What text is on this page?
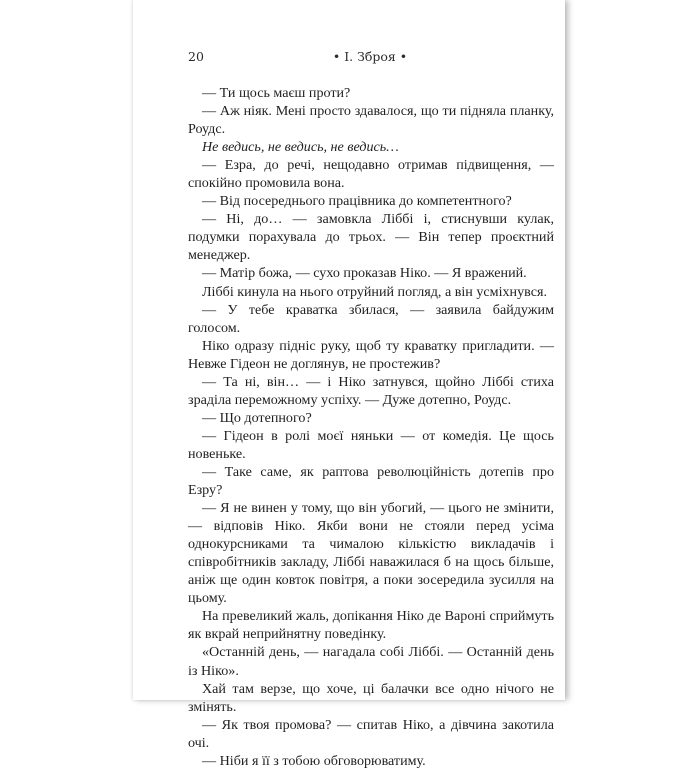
20	• І. Зброя •

— Ти щось маєш проти?

— Аж ніяк. Мені просто здавалося, що ти підняла планку, Роудс.

Не ведись, не ведись, не ведись…

— Езра, до речі, нещодавно отримав підвищення, — спокійно промовила вона.

— Від посереднього працівника до компетентного?

— Ні, до… — замовкла Ліббі і, стиснувши кулак, подумки порахувала до трьох. — Він тепер проєктний менеджер.

— Матір божа, — сухо проказав Ніко. — Я вражений.

Ліббі кинула на нього отруйний погляд, а він усміхнувся.

— У тебе краватка збилася, — заявила байдужим голосом.

Ніко одразу підніс руку, щоб ту краватку пригладити. — Невже Гідеон не доглянув, не простежив?

— Та ні, він… — і Ніко затнувся, щойно Ліббі стиха зраділа переможному успіху. — Дуже дотепно, Роудс.

— Що дотепного?

— Гідеон в ролі моєї няньки — от комедія. Це щось новеньке.

— Таке саме, як раптова революційність дотепів про Езру?

— Я не винен у тому, що він убогий, — цього не змінити, — відповів Ніко. Якби вони не стояли перед усіма однокурсниками та чималою кількістю викладачів і співробітників закладу, Ліббі наважилася б на щось більше, аніж ще один ковток повітря, а поки зосередила зусилля на цьому.

На превеликий жаль, допікання Ніко де Вароні сприймуть як вкрай неприйнятну поведінку.

«Останній день, — нагадала собі Ліббі. — Останній день із Ніко».

Хай там верзе, що хоче, ці балачки все одно нічого не змінять.

— Як твоя промова? — спитав Ніко, а дівчина закотила очі.

— Ніби я її з тобою обговорюватиму.
